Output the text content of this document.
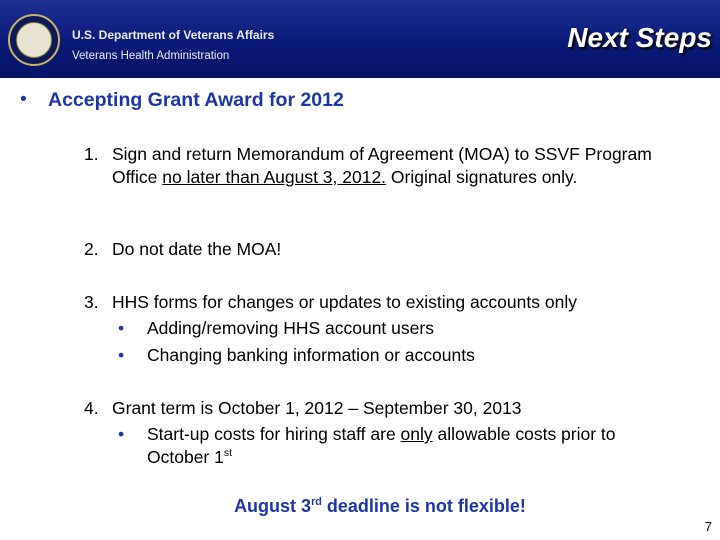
U.S. Department of Veterans Affairs
Veterans Health Administration
Next Steps
• Accepting Grant Award for 2012
1. Sign and return Memorandum of Agreement (MOA) to SSVF Program Office no later than August 3, 2012. Original signatures only.
2. Do not date the MOA!
3. HHS forms for changes or updates to existing accounts only
• Adding/removing HHS account users
• Changing banking information or accounts
4. Grant term is October 1, 2012 – September 30, 2013
• Start-up costs for hiring staff are only allowable costs prior to October 1st
August 3rd deadline is not flexible!
7
